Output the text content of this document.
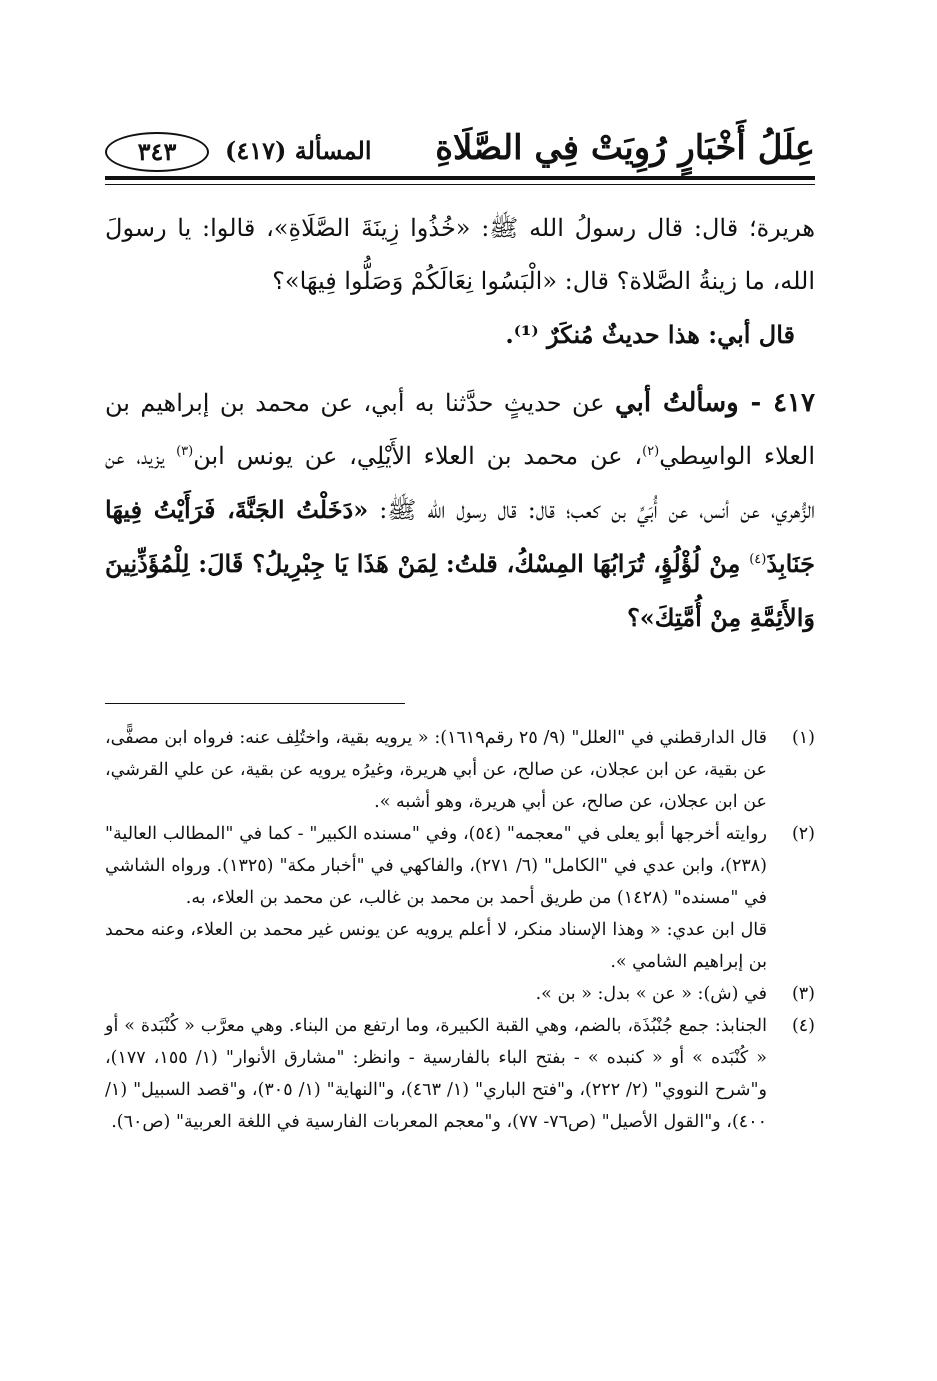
عِلَلُ أَخْبَارٍ رُوِيَتْ فِي الصَّلَاةِ
المسألة (٤١٧)
٣٤٣

هريرة؛ قال: قال رسولُ الله ﷺ: «خُذُوا زِينَةَ الصَّلَاةِ»، قالوا: يا رسولَ الله، ما زينةُ الصَّلاة؟ قال: «الْبَسُوا نِعَالَكُمْ وَصَلُّوا فِيهَا»؟

قال أبي: هذا حديثٌ مُنكَرٌ ⁽¹⁾.

٤١٧ - وسألتُ أبي عن حديثٍ حدَّثنا به أبي، عن محمد بن إبراهيم بن العلاء الواسِطي$^{(٢)}$، عن محمد بن العلاء الأَيْلِي، عن يونس ابن$^{(٣)}$ يزيد، عن الزُّهري، عن أنس، عن أُبَيِّ بن كعب؛ قال: قال رسول الله ﷺ: «دَخَلْتُ الجَنَّةَ، فَرَأَيْتُ فِيهَا جَنَابِذَ$^{(٤)}$ مِنْ لُؤْلُؤٍ، تُرَابُهَا المِسْكُ، قلتُ: لِمَنْ هَذَا يَا جِبْرِيلُ؟ قَالَ: لِلْمُؤَذِّنِينَ وَالأَئِمَّةِ مِنْ أُمَّتِكَ»؟

(١)
قال الدارقطني في "العلل" (٩/ ٢٥ رقم١٦١٩): « يرويه بقية، واختُلِف عنه: فرواه ابن مصفًّى، عن بقية، عن ابن عجلان، عن صالح، عن أبي هريرة، وغيرُه يرويه عن بقية، عن علي القرشي، عن ابن عجلان، عن صالح، عن أبي هريرة، وهو أشبه ».

(٢)
روايته أخرجها أبو يعلى في "معجمه" (٥٤)، وفي "مسنده الكبير" - كما في "المطالب العالية" (٢٣٨)، وابن عدي في "الكامل" (٦/ ٢٧١)، والفاكهي في "أخبار مكة" (١٣٢٥). ورواه الشاشي في "مسنده" (١٤٢٨) من طريق أحمد بن محمد بن غالب، عن محمد بن العلاء، به.
قال ابن عدي: « وهذا الإسناد منكر، لا أعلم يرويه عن يونس غير محمد بن العلاء، وعنه محمد بن إبراهيم الشامي ».

(٣)
في (ش): « عن » بدل: « بن ».

(٤)
الجنابذ: جمع جُنْبُذَة، بالضم، وهي القبة الكبيرة، وما ارتفع من البناء. وهي معرَّب « كُنْبَدة » أو « كُنْبَده » أو « كنبده » - بفتح الباء بالفارسية - وانظر: "مشارق الأنوار" (١/ ١٥٥، ١٧٧)، و"شرح النووي" (٢/ ٢٢٢)، و"فتح الباري" (١/ ٤٦٣)، و"النهاية" (١/ ٣٠٥)، و"قصد السبيل" (١/ ٤٠٠)، و"القول الأصيل" (ص٧٦- ٧٧)، و"معجم المعربات الفارسية في اللغة العربية" (ص٦٠).
